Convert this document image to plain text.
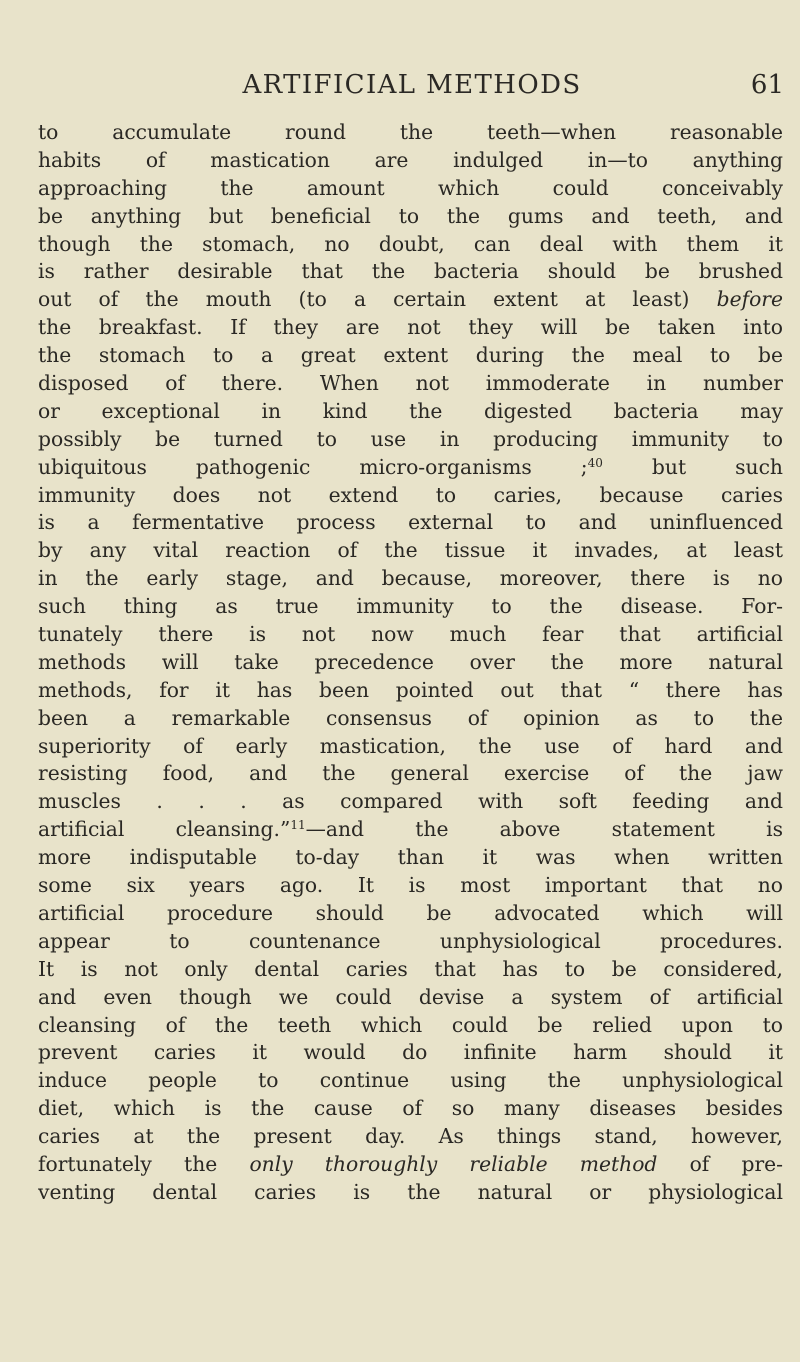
ARTIFICIAL METHODS	61
to accumulate round the teeth—when reasonable
habits of mastication are indulged in—to anything
approaching the amount which could conceivably
be anything but beneficial to the gums and teeth, and
though the stomach, no doubt, can deal with them it
is rather desirable that the bacteria should be brushed
out of the mouth (to a certain extent at least) before
the breakfast. If they are not they will be taken into
the stomach to a great extent during the meal to be
disposed of there. When not immoderate in number
or exceptional in kind the digested bacteria may
possibly be turned to use in producing immunity to
ubiquitous pathogenic micro-organisms ;$^{40}$ but such
immunity does not extend to caries, because caries
is a fermentative process external to and uninfluenced
by any vital reaction of the tissue it invades, at least
in the early stage, and because, moreover, there is no
such thing as true immunity to the disease. For-
tunately there is not now much fear that artificial
methods will take precedence over the more natural
methods, for it has been pointed out that “ there has
been a remarkable consensus of opinion as to the
superiority of early mastication, the use of hard and
resisting food, and the general exercise of the jaw
muscles . . . as compared with soft feeding and
artificial cleansing.”$^{11}$—and the above statement is
more indisputable to-day than it was when written
some six years ago. It is most important that no
artificial procedure should be advocated which will
appear to countenance unphysiological procedures.
It is not only dental caries that has to be considered,
and even though we could devise a system of artificial
cleansing of the teeth which could be relied upon to
prevent caries it would do infinite harm should it
induce people to continue using the unphysiological
diet, which is the cause of so many diseases besides
caries at the present day. As things stand, however,
fortunately the only thoroughly reliable method of pre-
venting dental caries is the natural or physiological
